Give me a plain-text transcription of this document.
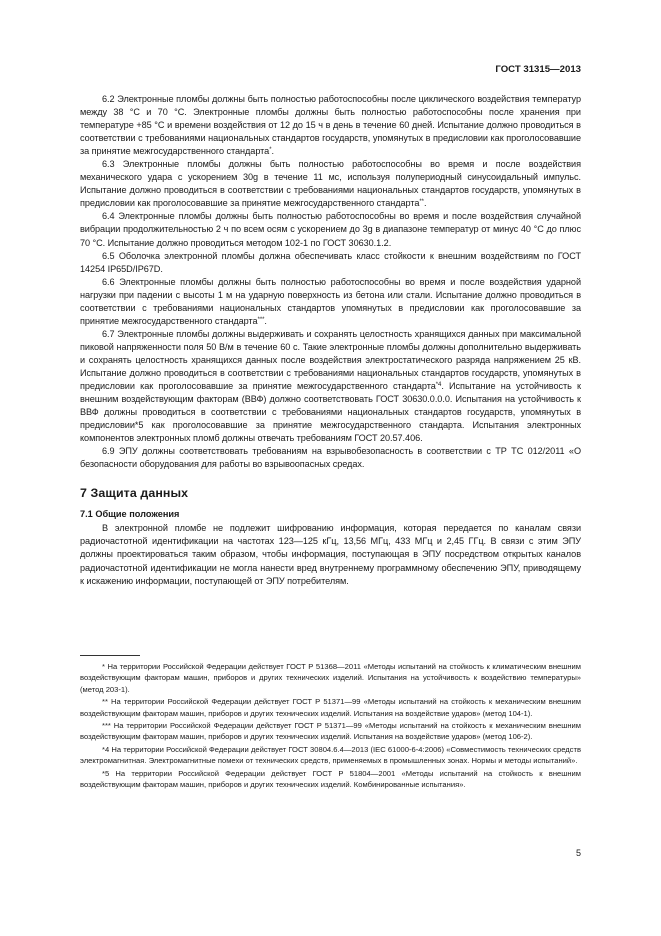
ГОСТ 31315—2013

6.2 Электронные пломбы должны быть полностью работоспособны после циклического воздействия температур между 38 °С и 70 °С. Электронные пломбы должны быть полностью работоспособны после хранения при температуре +85 °С и времени воздействия от 12 до 15 ч в день в течение 60 дней. Испытание должно проводиться в соответствии с требованиями национальных стандартов государств, упомянутых в предисловии как проголосовавшие за принятие межгосударственного стандарта*.

6.3 Электронные пломбы должны быть полностью работоспособны во время и после воздействия механического удара с ускорением 30g в течение 11 мс, используя полупериодный синусоидальный импульс. Испытание должно проводиться в соответствии с требованиями национальных стандартов государств, упомянутых в предисловии как проголосовавшие за принятие межгосударственного стандарта**.

6.4 Электронные пломбы должны быть полностью работоспособны во время и после воздействия случайной вибрации продолжительностью 2 ч по всем осям с ускорением до 3g в диапазоне температур от минус 40 °С до плюс 70 °С. Испытание должно проводиться методом 102-1 по ГОСТ 30630.1.2.

6.5 Оболочка электронной пломбы должна обеспечивать класс стойкости к внешним воздействиям по ГОСТ 14254 IP65D/IP67D.

6.6 Электронные пломбы должны быть полностью работоспособны во время и после воздействия ударной нагрузки при падении с высоты 1 м на ударную поверхность из бетона или стали. Испытание должно проводиться в соответствии с требованиями национальных стандартов упомянутых в предисловии как проголосовавшие за принятие межгосударственного стандарта***.

6.7 Электронные пломбы должны выдерживать и сохранять целостность хранящихся данных при максимальной пиковой напряженности поля 50 В/м в течение 60 с. Такие электронные пломбы должны дополнительно выдерживать и сохранять целостность хранящихся данных после воздействия электростатического разряда напряжением 25 кВ. Испытание должно проводиться в соответствии с требованиями национальных стандартов государств, упомянутых в предисловии как проголосовавшие за принятие межгосударственного стандарта$^{*4}$. Испытание на устойчивость к внешним воздействующим факторам (ВВФ) должно соответствовать ГОСТ 30630.0.0.0. Испытания на устойчивость к ВВФ должны проводиться в соответствии с требованиями национальных стандартов государств, упомянутых в предисловии*5 как проголосовавшие за принятие межгосударственного стандарта. Испытания электронных компонентов электронных пломб должны отвечать требованиям ГОСТ 20.57.406.

6.9 ЭПУ должны соответствовать требованиям на взрывобезопасность в соответствии с ТР ТС 012/2011 «О безопасности оборудования для работы во взрывоопасных средах.

7 Защита данных
7.1 Общие положения

В электронной пломбе не подлежит шифрованию информация, которая передается по каналам связи радиочастотной идентификации на частотах 123—125 кГц, 13,56 МГц, 433 МГц и 2,45 ГГц. В связи с этим ЭПУ должны проектироваться таким образом, чтобы информация, поступающая в ЭПУ посредством открытых каналов радиочастотной идентификации не могла нанести вред внутреннему программному обеспечению ЭПУ, приводящему к искажению информации, поступающей от ЭПУ потребителям.

* На территории Российской Федерации действует ГОСТ Р 51368—2011 «Методы испытаний на стойкость к климатическим внешним воздействующим факторам машин, приборов и других технических изделий. Испытания на устойчивость к воздействию температуры» (метод 203-1).

** На территории Российской Федерации действует ГОСТ Р 51371—99 «Методы испытаний на стойкость к механическим внешним воздействующим факторам машин, приборов и других технических изделий. Испытания на воздействие ударов» (метод 104-1).

*** На территории Российской Федерации действует ГОСТ Р 51371—99 «Методы испытаний на стойкость к механическим внешним воздействующим факторам машин, приборов и других технических изделий. Испытания на воздействие ударов» (метод 106-2).

*4 На территории Российской Федерации действует ГОСТ 30804.6.4—2013 (IEC 61000-6-4:2006) «Совместимость технических средств электромагнитная. Электромагнитные помехи от технических средств, применяемых в промышленных зонах. Нормы и методы испытаний».

*5 На территории Российской Федерации действует ГОСТ Р 51804—2001 «Методы испытаний на стойкость к внешним воздействующим факторам машин, приборов и других технических изделий. Комбинированные испытания».

5
